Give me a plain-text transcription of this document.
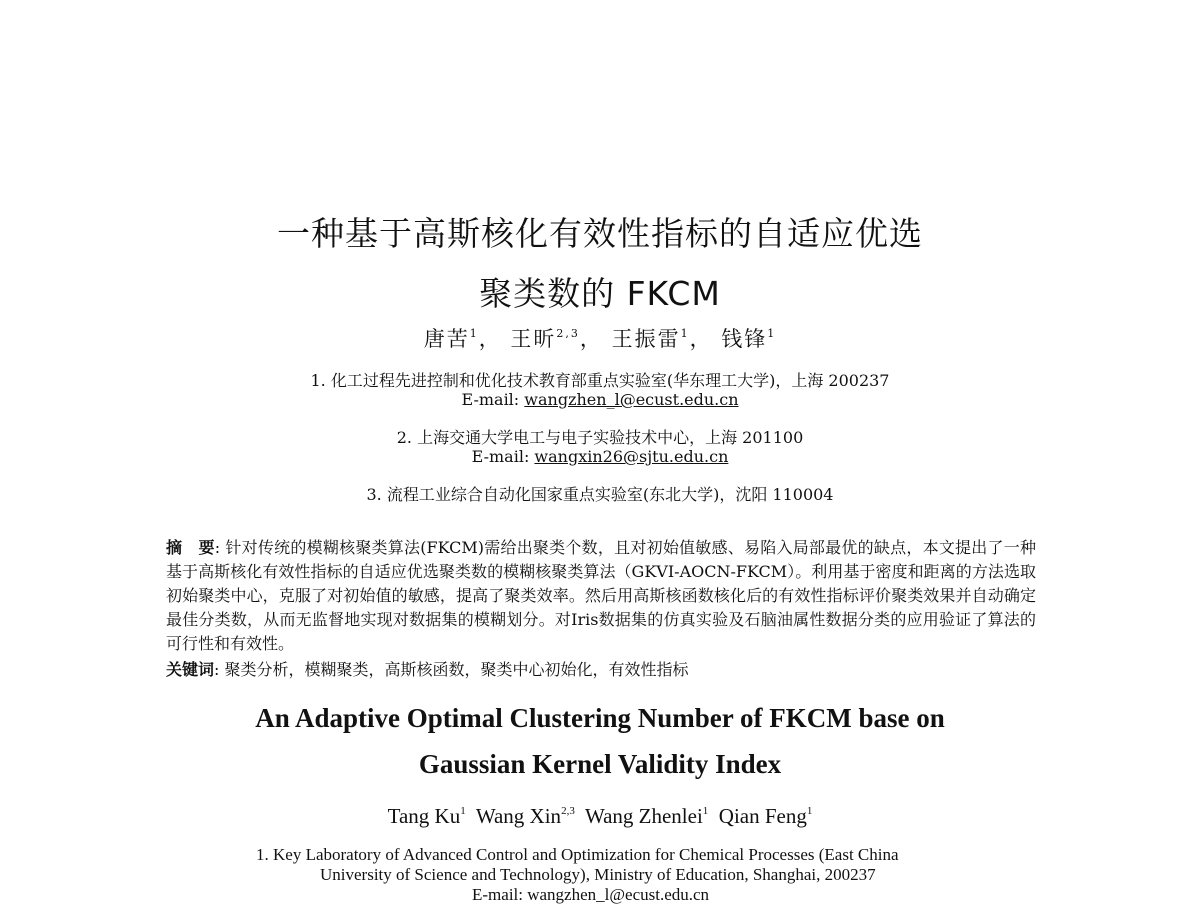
一种基于高斯核化有效性指标的自适应优选
聚类数的 FKCM
唐苦$^1$， 王昕$^{2,3}$， 王振雷$^1$， 钱锋$^1$
1. 化工过程先进控制和优化技术教育部重点实验室(华东理工大学)，上海 200237
E-mail: wangzhen_l@ecust.edu.cn
2. 上海交通大学电工与电子实验技术中心，上海 201100
E-mail: wangxin26@sjtu.edu.cn
3. 流程工业综合自动化国家重点实验室(东北大学)，沈阳 110004
摘　要: 针对传统的模糊核聚类算法(FKCM)需给出聚类个数，且对初始值敏感、易陷入局部最优的缺点，本文提出了一种基于高斯核化有效性指标的自适应优选聚类数的模糊核聚类算法（GKVI-AOCN-FKCM）。利用基于密度和距离的方法选取初始聚类中心，克服了对初始值的敏感，提高了聚类效率。然后用高斯核函数核化后的有效性指标评价聚类效果并自动确定最佳分类数，从而无监督地实现对数据集的模糊划分。对Iris数据集的仿真实验及石脑油属性数据分类的应用验证了算法的可行性和有效性。
关键词: 聚类分析，模糊聚类，高斯核函数，聚类中心初始化，有效性指标
An Adaptive Optimal Clustering Number of FKCM base on
Gaussian Kernel Validity Index
Tang Ku$^1$ Wang Xin$^{2,3}$ Wang Zhenlei$^1$ Qian Feng$^1$
1. Key Laboratory of Advanced Control and Optimization for Chemical Processes (East China
University of Science and Technology), Ministry of Education, Shanghai, 200237
E-mail: wangzhen_l@ecust.edu.cn
